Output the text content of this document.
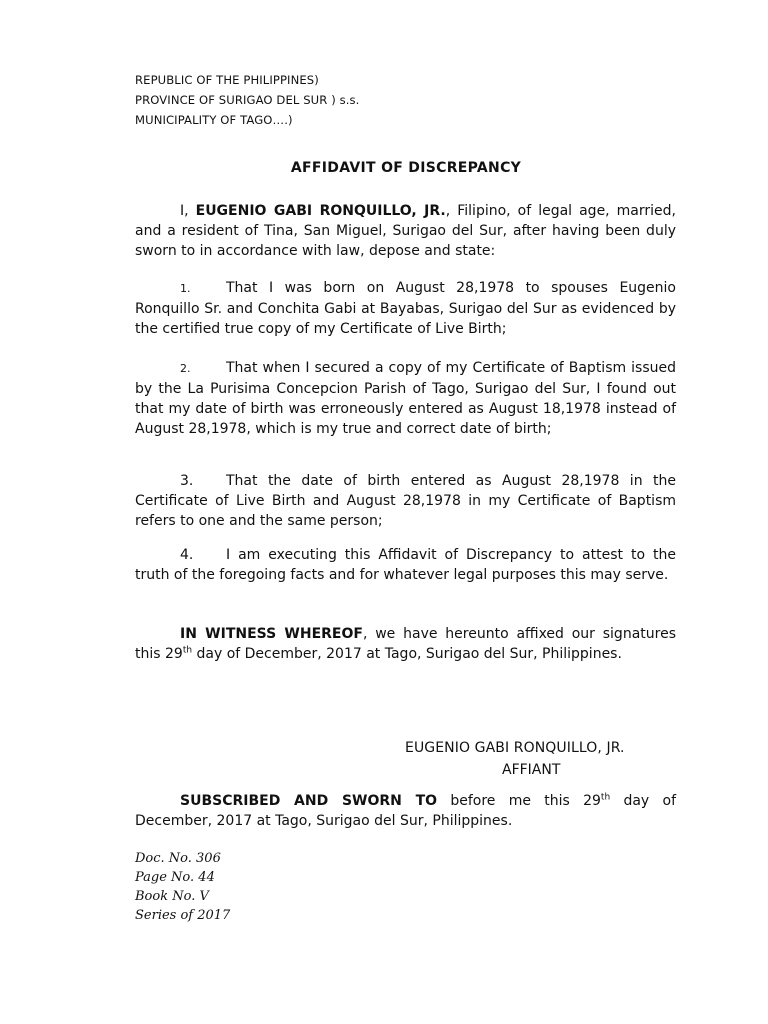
REPUBLIC OF THE PHILIPPINES)
PROVINCE OF SURIGAO DEL SUR ) s.s.
MUNICIPALITY OF TAGO….)
AFFIDAVIT OF DISCREPANCY
I, EUGENIO GABI RONQUILLO, JR., Filipino, of legal age, married, and a resident of Tina, San Miguel, Surigao del Sur, after having been duly sworn to in accordance with law, depose and state:
1.	That I was born on August 28,1978 to spouses Eugenio Ronquillo Sr. and Conchita Gabi at Bayabas, Surigao del Sur as evidenced by the certified true copy of my Certificate of Live Birth;
2.	That when I secured a copy of my Certificate of Baptism issued by the La Purisima Concepcion Parish of Tago, Surigao del Sur, I found out that my date of birth was erroneously entered as August 18,1978 instead of August 28,1978, which is my true and correct date of birth;
3. That the date of birth entered as August 28,1978 in the Certificate of Live Birth and August 28,1978 in my Certificate of Baptism refers to one and the same person;
4. I am executing this Affidavit of Discrepancy to attest to the truth of the foregoing facts and for whatever legal purposes this may serve.
IN WITNESS WHEREOF, we have hereunto affixed our signatures this 29th day of December, 2017 at Tago, Surigao del Sur, Philippines.
EUGENIO GABI RONQUILLO, JR.
AFFIANT
SUBSCRIBED AND SWORN TO before me this 29th day of December, 2017 at Tago, Surigao del Sur, Philippines.
Doc. No. 306
Page No. 44
Book No. V
Series of 2017
